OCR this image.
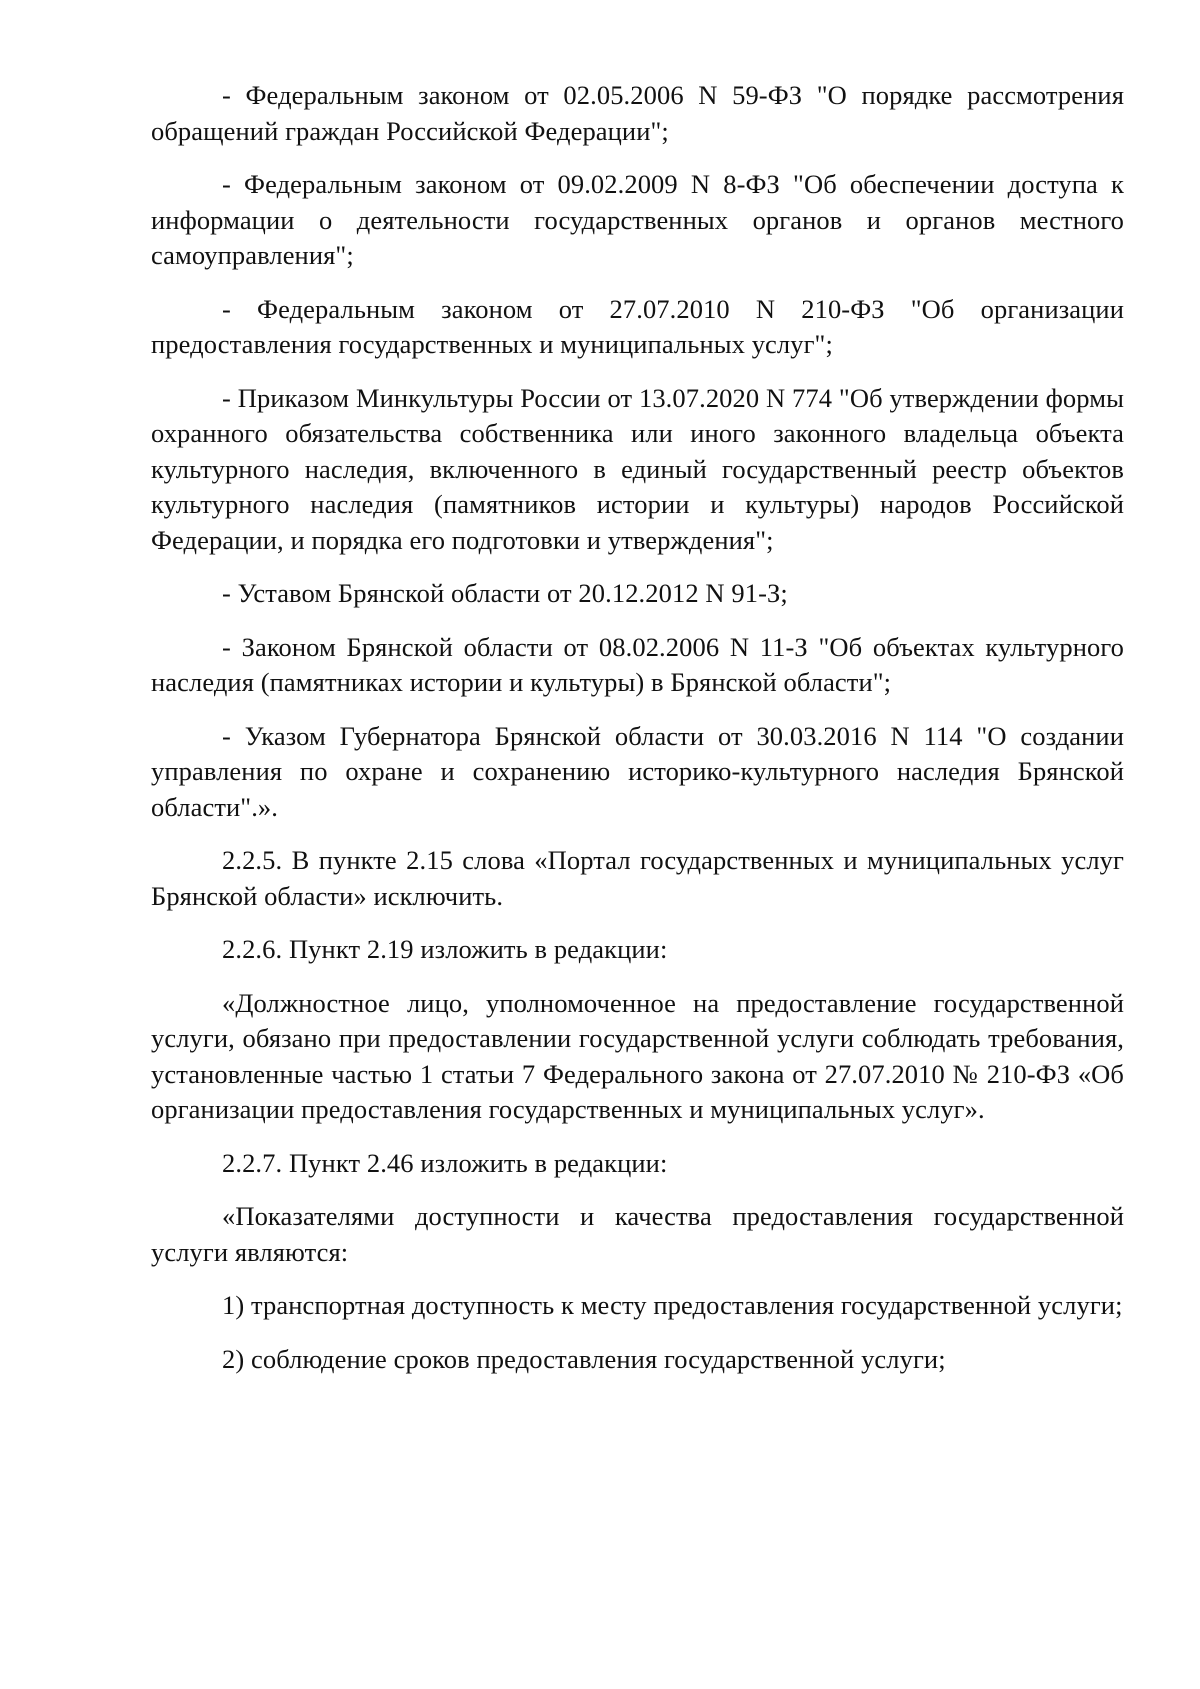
- Федеральным законом от 02.05.2006 N 59-ФЗ "О порядке рассмотрения обращений граждан Российской Федерации";

- Федеральным законом от 09.02.2009 N 8-ФЗ "Об обеспечении доступа к информации о деятельности государственных органов и органов местного самоуправления";

- Федеральным законом от 27.07.2010 N 210-ФЗ "Об организации предоставления государственных и муниципальных услуг";

- Приказом Минкультуры России от 13.07.2020 N 774 "Об утверждении формы охранного обязательства собственника или иного законного владельца объекта культурного наследия, включенного в единый государственный реестр объектов культурного наследия (памятников истории и культуры) народов Российской Федерации, и порядка его подготовки и утверждения";

- Уставом Брянской области от 20.12.2012 N 91-З;

- Законом Брянской области от 08.02.2006 N 11-З "Об объектах культурного наследия (памятниках истории и культуры) в Брянской области";

- Указом Губернатора Брянской области от 30.03.2016 N 114 "О создании управления по охране и сохранению историко-культурного наследия Брянской области".».

2.2.5. В пункте 2.15 слова «Портал государственных и муниципальных услуг Брянской области» исключить.

2.2.6. Пункт 2.19 изложить в редакции:

«Должностное лицо, уполномоченное на предоставление государственной услуги, обязано при предоставлении государственной услуги соблюдать требования, установленные частью 1 статьи 7 Федерального закона от 27.07.2010 № 210-ФЗ «Об организации предоставления государственных и муниципальных услуг».

2.2.7. Пункт 2.46 изложить в редакции:

«Показателями доступности и качества предоставления государственной услуги являются:

1) транспортная доступность к месту предоставления государственной услуги;

2) соблюдение сроков предоставления государственной услуги;
